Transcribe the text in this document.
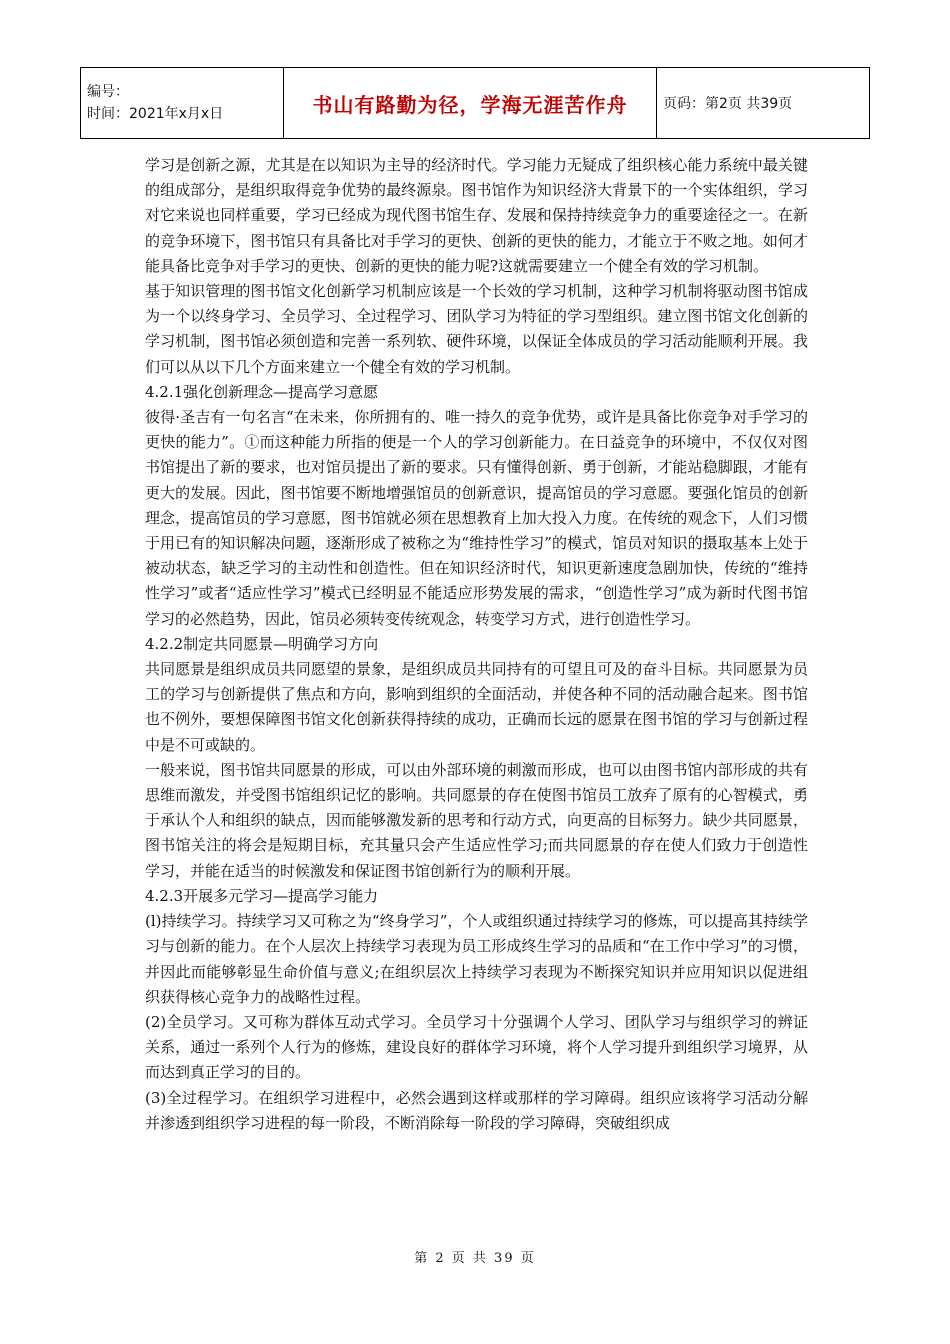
编号：
时间：2021年x月x日	书山有路勤为径，学海无涯苦作舟	页码：第2页 共39页

学习是创新之源，尤其是在以知识为主导的经济时代。学习能力无疑成了组织核心能力系统中最关键的组成部分，是组织取得竞争优势的最终源泉。图书馆作为知识经济大背景下的一个实体组织，学习对它来说也同样重要，学习已经成为现代图书馆生存、发展和保持持续竞争力的重要途径之一。在新的竞争环境下，图书馆只有具备比对手学习的更快、创新的更快的能力，才能立于不败之地。如何才能具备比竞争对手学习的更快、创新的更快的能力呢?这就需要建立一个健全有效的学习机制。

基于知识管理的图书馆文化创新学习机制应该是一个长效的学习机制，这种学习机制将驱动图书馆成为一个以终身学习、全员学习、全过程学习、团队学习为特征的学习型组织。建立图书馆文化创新的学习机制，图书馆必须创造和完善一系列软、硬件环境，以保证全体成员的学习活动能顺利开展。我们可以从以下几个方面来建立一个健全有效的学习机制。

4.2.1强化创新理念—提高学习意愿

彼得·圣吉有一句名言“在未来，你所拥有的、唯一持久的竞争优势，或许是具备比你竞争对手学习的更快的能力”。①而这种能力所指的便是一个人的学习创新能力。在日益竞争的环境中，不仅仅对图书馆提出了新的要求，也对馆员提出了新的要求。只有懂得创新、勇于创新，才能站稳脚跟，才能有更大的发展。因此，图书馆要不断地增强馆员的创新意识，提高馆员的学习意愿。要强化馆员的创新理念，提高馆员的学习意愿，图书馆就必须在思想教育上加大投入力度。在传统的观念下，人们习惯于用已有的知识解决问题，逐渐形成了被称之为“维持性学习”的模式，馆员对知识的摄取基本上处于被动状态，缺乏学习的主动性和创造性。但在知识经济时代，知识更新速度急剧加快，传统的“维持性学习”或者“适应性学习”模式已经明显不能适应形势发展的需求，“创造性学习”成为新时代图书馆学习的必然趋势，因此，馆员必须转变传统观念，转变学习方式，进行创造性学习。

4.2.2制定共同愿景—明确学习方向

共同愿景是组织成员共同愿望的景象，是组织成员共同持有的可望且可及的奋斗目标。共同愿景为员工的学习与创新提供了焦点和方向，影响到组织的全面活动，并使各种不同的活动融合起来。图书馆也不例外，要想保障图书馆文化创新获得持续的成功，正确而长远的愿景在图书馆的学习与创新过程中是不可或缺的。

一般来说，图书馆共同愿景的形成，可以由外部环境的刺激而形成，也可以由图书馆内部形成的共有思维而激发，并受图书馆组织记忆的影响。共同愿景的存在使图书馆员工放弃了原有的心智模式，勇于承认个人和组织的缺点，因而能够激发新的思考和行动方式，向更高的目标努力。缺少共同愿景，图书馆关注的将会是短期目标，充其量只会产生适应性学习;而共同愿景的存在使人们致力于创造性学习，并能在适当的时候激发和保证图书馆创新行为的顺利开展。

4.2.3开展多元学习—提高学习能力

(l)持续学习。持续学习又可称之为“终身学习”，个人或组织通过持续学习的修炼，可以提高其持续学习与创新的能力。在个人层次上持续学习表现为员工形成终生学习的品质和“在工作中学习”的习惯，并因此而能够彰显生命价值与意义;在组织层次上持续学习表现为不断探究知识并应用知识以促进组织获得核心竞争力的战略性过程。

(2)全员学习。又可称为群体互动式学习。全员学习十分强调个人学习、团队学习与组织学习的辨证关系，通过一系列个人行为的修炼，建设良好的群体学习环境，将个人学习提升到组织学习境界，从而达到真正学习的目的。

(3)全过程学习。在组织学习进程中，必然会遇到这样或那样的学习障碍。组织应该将学习活动分解并渗透到组织学习进程的每一阶段，不断消除每一阶段的学习障碍，突破组织成

第 2 页 共 39 页
